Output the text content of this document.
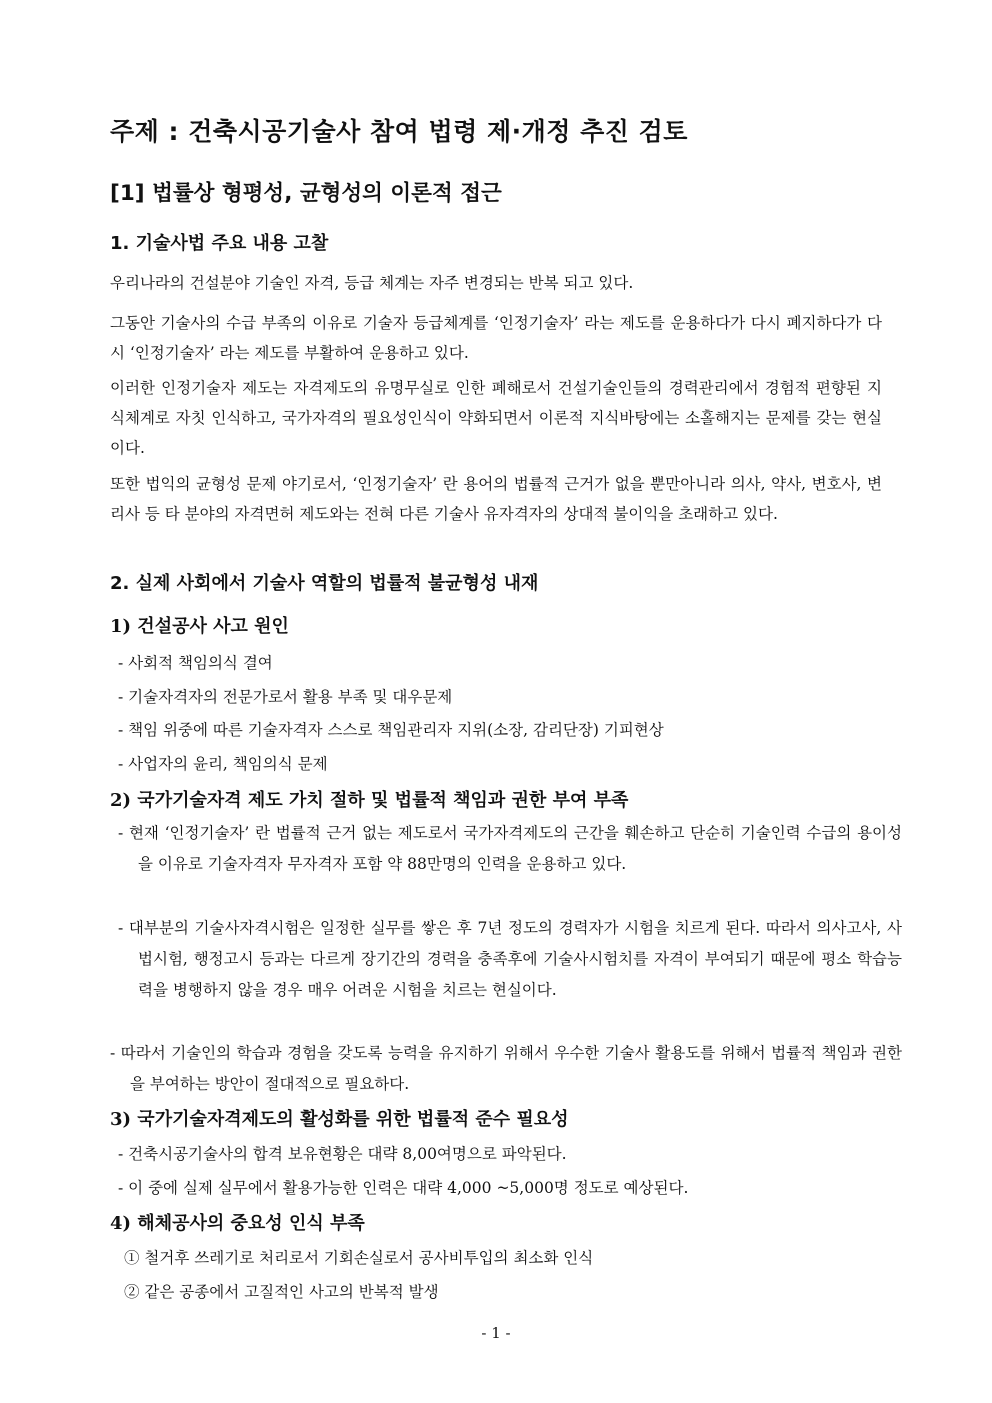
주제 : 건축시공기술사 참여 법령 제·개정 추진 검토
[1] 법률상 형평성, 균형성의 이론적 접근
1. 기술사법 주요 내용 고찰

우리나라의 건설분야 기술인 자격, 등급 체계는 자주 변경되는 반복 되고 있다.

그동안 기술사의 수급 부족의 이유로 기술자 등급체계를 ‘인정기술자’ 라는 제도를 운용하다가 다시 폐지하다가 다시 ‘인정기술자’ 라는 제도를 부활하여 운용하고 있다.

이러한 인정기술자 제도는 자격제도의 유명무실로 인한 폐해로서 건설기술인들의 경력관리에서 경험적 편향된 지식체계로 자칫 인식하고, 국가자격의 필요성인식이 약화되면서 이론적 지식바탕에는 소홀해지는 문제를 갖는 현실이다.

또한 법익의 균형성 문제 야기로서, ‘인정기술자’ 란 용어의 법률적 근거가 없을 뿐만아니라 의사, 약사, 변호사, 변리사 등 타 분야의 자격면허 제도와는 전혀 다른 기술사 유자격자의 상대적 불이익을 초래하고 있다.

2. 실제 사회에서 기술사 역할의 법률적 불균형성 내재
1) 건설공사 사고 원인

- 사회적 책임의식 결여

- 기술자격자의 전문가로서 활용 부족 및 대우문제

- 책임 위중에 따른 기술자격자 스스로 책임관리자 지위(소장, 감리단장) 기피현상

- 사업자의 윤리, 책임의식 문제

2) 국가기술자격 제도 가치 절하 및 법률적 책임과 권한 부여 부족

- 현재 ‘인정기술자’ 란 법률적 근거 없는 제도로서 국가자격제도의 근간을 훼손하고 단순히 기술인력 수급의 용이성을 이유로 기술자격자 무자격자 포함 약 88만명의 인력을 운용하고 있다.

- 대부분의 기술사자격시험은 일정한 실무를 쌓은 후 7년 정도의 경력자가 시험을 치르게 된다. 따라서 의사고사, 사법시험, 행정고시 등과는 다르게 장기간의 경력을 충족후에 기술사시험치를 자격이 부여되기 때문에 평소 학습능력을 병행하지 않을 경우 매우 어려운 시험을 치르는 현실이다.

- 따라서 기술인의 학습과 경험을 갖도록 능력을 유지하기 위해서 우수한 기술사 활용도를 위해서 법률적 책임과 권한을 부여하는 방안이 절대적으로 필요하다.

3) 국가기술자격제도의 활성화를 위한 법률적 준수 필요성

- 건축시공기술사의 합격 보유현황은 대략 8,00여명으로 파악된다.

- 이 중에 실제 실무에서 활용가능한 인력은 대략 4,000 ~5,000명 정도로 예상된다.

4) 해체공사의 중요성 인식 부족

① 철거후 쓰레기로 처리로서 기회손실로서 공사비투입의 최소화 인식

② 같은 공종에서 고질적인 사고의 반복적 발생

- 1 -
